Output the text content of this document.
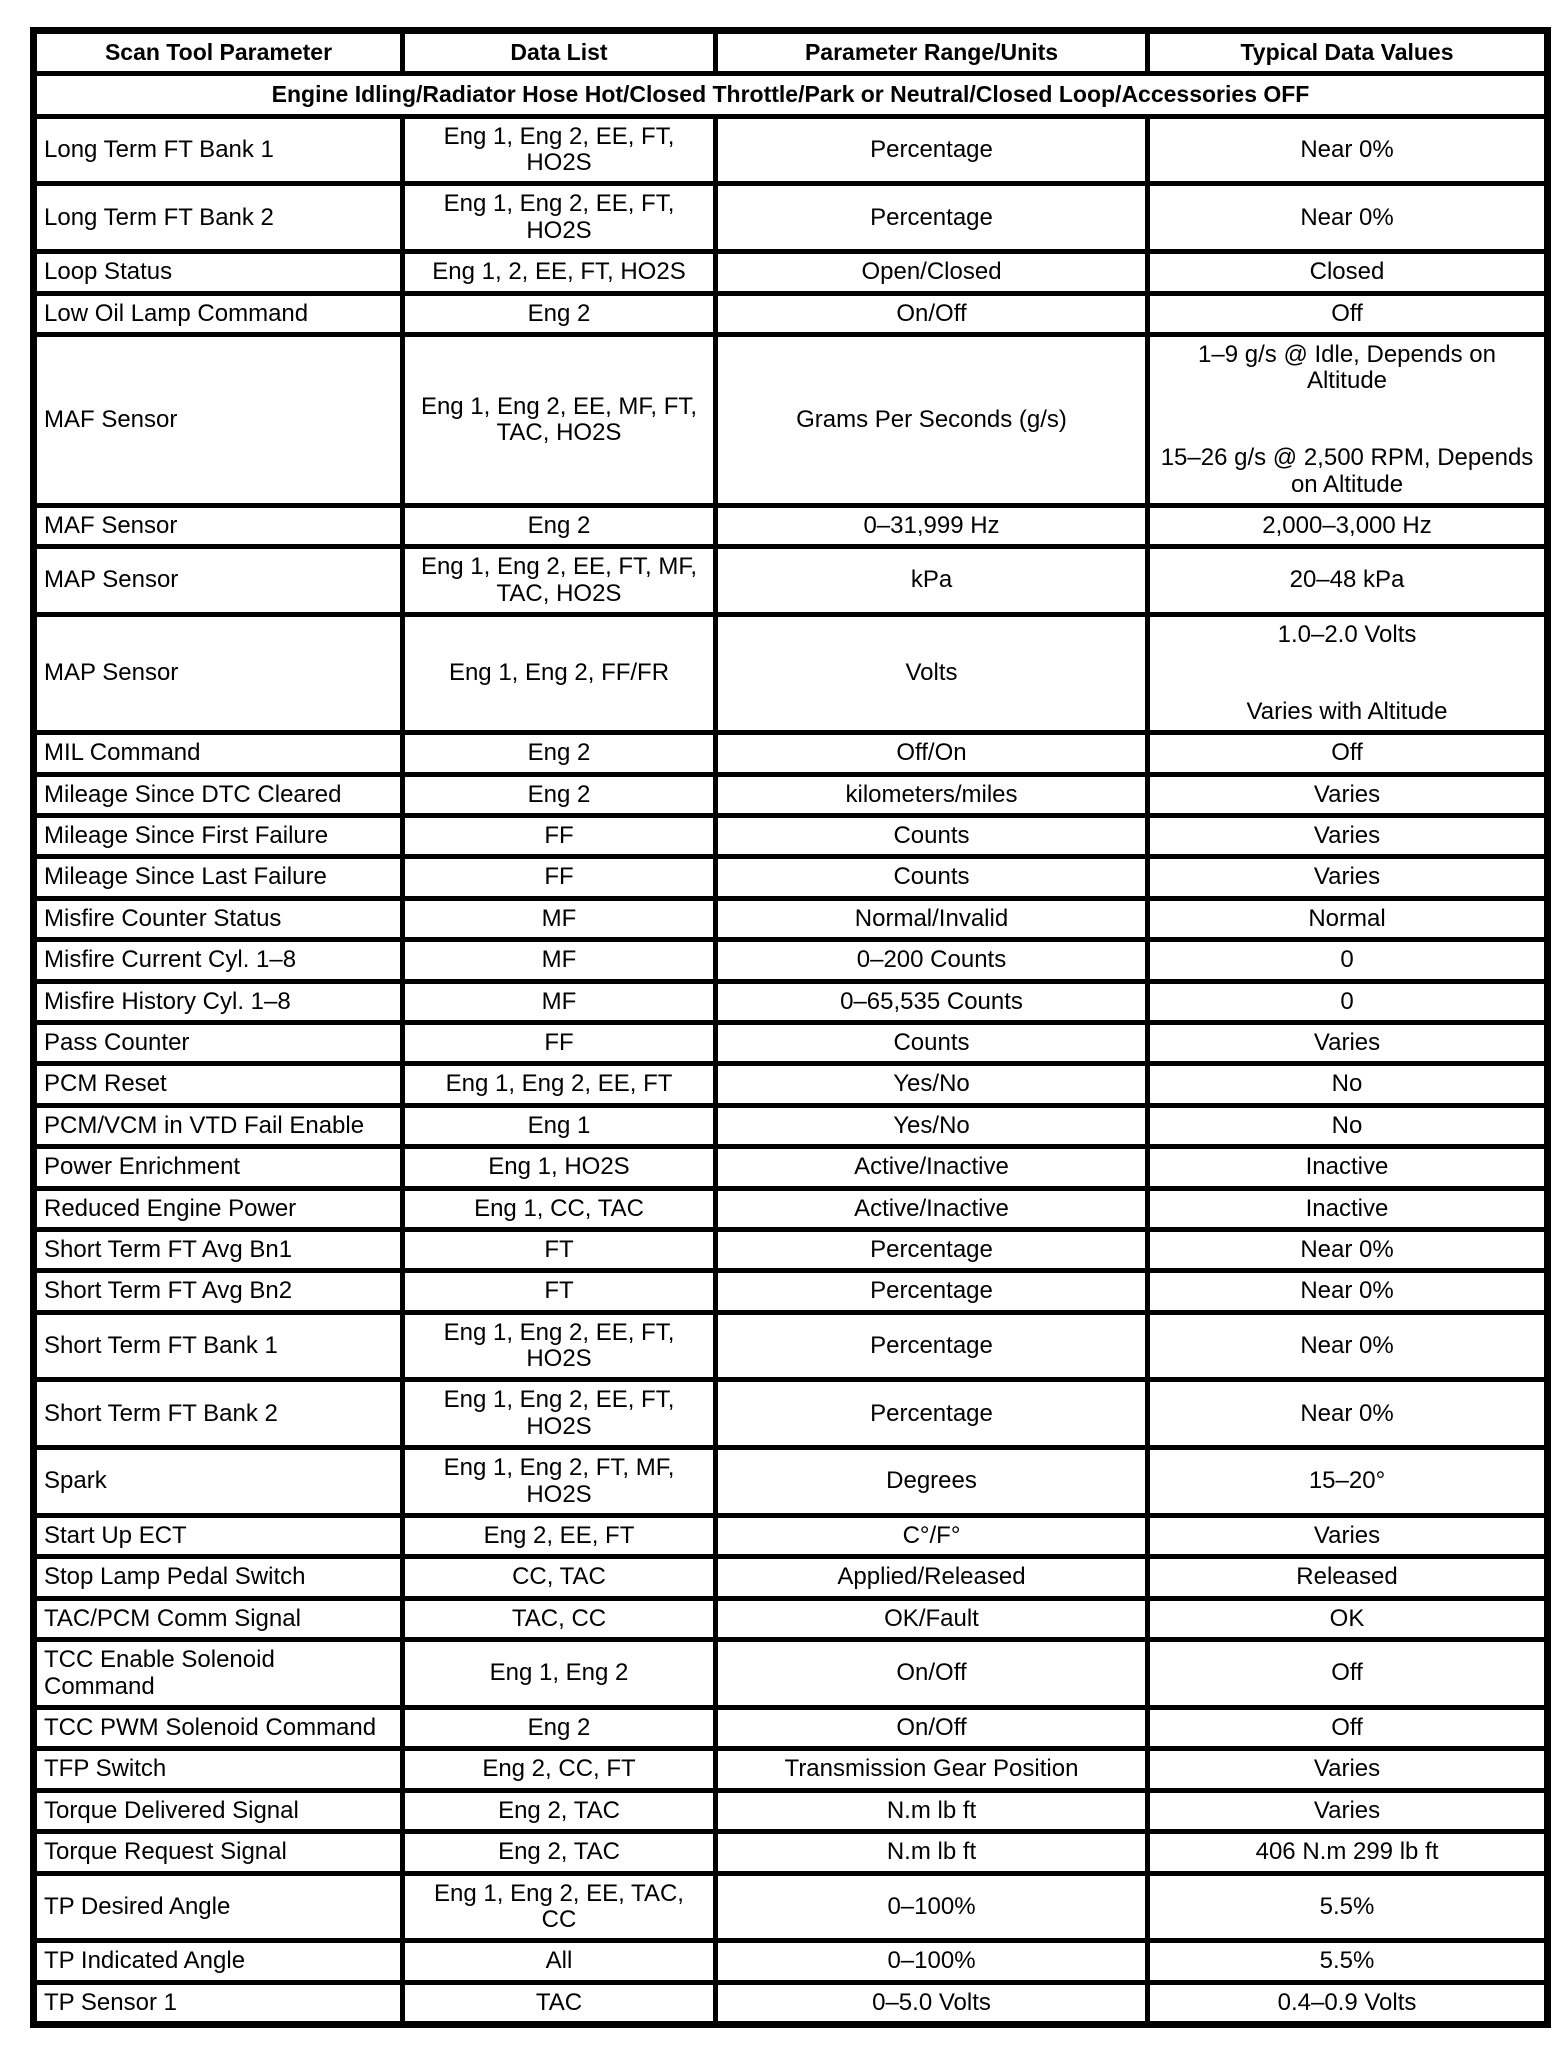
Scan Tool Parameter	Data List	Parameter Range/Units	Typical Data Values
Engine Idling/Radiator Hose Hot/Closed Throttle/Park or Neutral/Closed Loop/Accessories OFF			
Long Term FT Bank 1	Eng 1, Eng 2, EE, FT, HO2S	Percentage	Near 0%

Long Term FT Bank 2	Eng 1, Eng 2, EE, FT, HO2S	Percentage	Near 0%

Loop Status	Eng 1, 2, EE, FT, HO2S	Open/Closed	Closed

Low Oil Lamp Command	Eng 2	On/Off	Off

MAF Sensor	Eng 1, Eng 2, EE, MF, FT, TAC, HO2S	Grams Per Seconds (g/s)	1–9 g/s @ Idle, Depends on Altitude
15–26 g/s @ 2,500 RPM, Depends on Altitude

MAF Sensor	Eng 2	0–31,999 Hz	2,000–3,000 Hz

MAP Sensor	Eng 1, Eng 2, EE, FT, MF, TAC, HO2S	kPa	20–48 kPa

MAP Sensor	Eng 1, Eng 2, FF/FR	Volts	1.0–2.0 Volts
Varies with Altitude

MIL Command	Eng 2	Off/On	Off

Mileage Since DTC Cleared	Eng 2	kilometers/miles	Varies

Mileage Since First Failure	FF	Counts	Varies

Mileage Since Last Failure	FF	Counts	Varies

Misfire Counter Status	MF	Normal/Invalid	Normal

Misfire Current Cyl. 1–8	MF	0–200 Counts	0

Misfire History Cyl. 1–8	MF	0–65,535 Counts	0

Pass Counter	FF	Counts	Varies

PCM Reset	Eng 1, Eng 2, EE, FT	Yes/No	No

PCM/VCM in VTD Fail Enable	Eng 1	Yes/No	No

Power Enrichment	Eng 1, HO2S	Active/Inactive	Inactive

Reduced Engine Power	Eng 1, CC, TAC	Active/Inactive	Inactive

Short Term FT Avg Bn1	FT	Percentage	Near 0%

Short Term FT Avg Bn2	FT	Percentage	Near 0%

Short Term FT Bank 1	Eng 1, Eng 2, EE, FT, HO2S	Percentage	Near 0%

Short Term FT Bank 2	Eng 1, Eng 2, EE, FT, HO2S	Percentage	Near 0%

Spark	Eng 1, Eng 2, FT, MF, HO2S	Degrees	15–20°

Start Up ECT	Eng 2, EE, FT	C°/F°	Varies

Stop Lamp Pedal Switch	CC, TAC	Applied/Released	Released

TAC/PCM Comm Signal	TAC, CC	OK/Fault	OK

TCC Enable Solenoid Command	Eng 1, Eng 2	On/Off	Off

TCC PWM Solenoid Command	Eng 2	On/Off	Off

TFP Switch	Eng 2, CC, FT	Transmission Gear Position	Varies

Torque Delivered Signal	Eng 2, TAC	N.m lb ft	Varies

Torque Request Signal	Eng 2, TAC	N.m lb ft	406 N.m 299 lb ft

TP Desired Angle	Eng 1, Eng 2, EE, TAC, CC	0–100%	5.5%

TP Indicated Angle	All	0–100%	5.5%

TP Sensor 1	TAC	0–5.0 Volts	0.4–0.9 Volts
